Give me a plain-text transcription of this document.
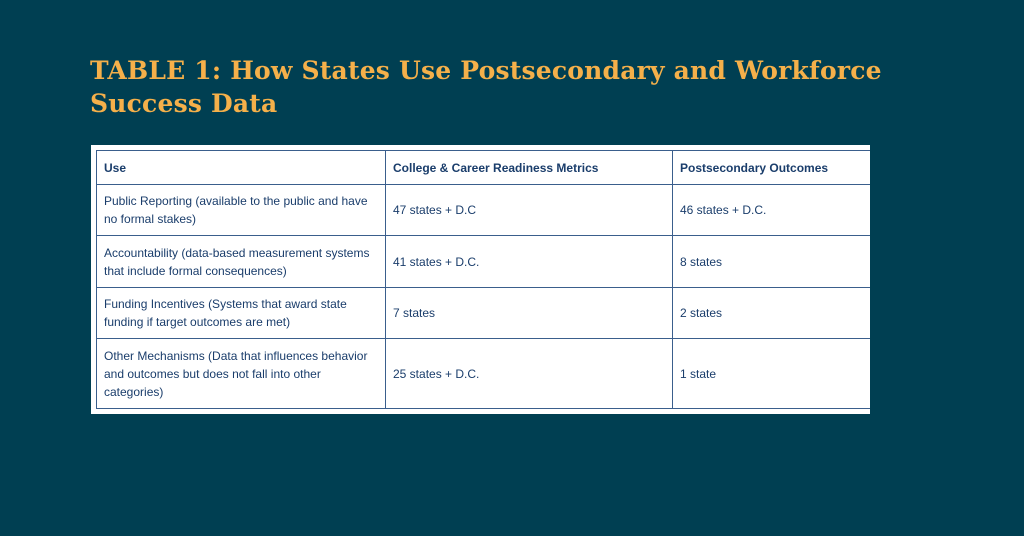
TABLE 1: How States Use Postsecondary and Workforce Success Data
Use	College & Career Readiness Metrics	Postsecondary Outcomes
Public Reporting (available to the public and have no formal stakes)	47 states + D.C	46 states + D.C.
Accountability (data-based measurement systems that include formal consequences)	41 states + D.C.	8 states
Funding Incentives (Systems that award state funding if target outcomes are met)	7 states	2 states
Other Mechanisms (Data that influences behavior and outcomes but does not fall into other categories)	25 states + D.C.	1 state
